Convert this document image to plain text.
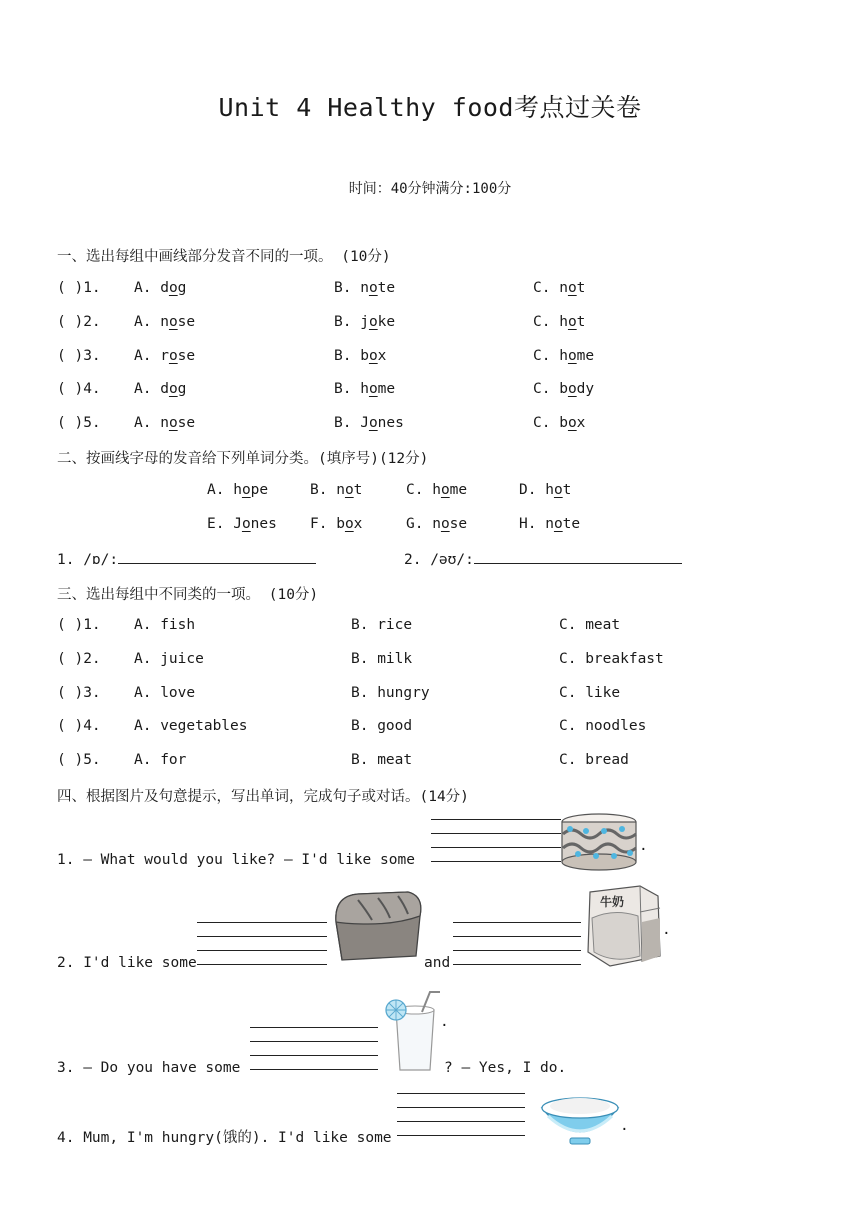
Unit 4 Healthy food考点过关卷
时间：40分钟满分:100分
一、选出每组中画线部分发音不同的一项。 (10分)
( )1. A. dog	B. note	C. not
( )2. A. nose	B. joke	C. hot
( )3. A. rose	B. box	C. home
( )4. A. dog	B. home	C. body
( )5. A. nose	B. Jones	C. box
二、按画线字母的发音给下列单词分类。(填序号)(12分)
A. hope	B. not	C. home	D. hot
E. Jones F. box	G. nose	H. note
1. /ɒ/:	2. /əʊ/:
三、选出每组中不同类的一项。 (10分)
( )1. A. fish	B. rice	C. meat
( )2. A. juice	B. milk	C. breakfast
( )3. A. love	B. hungry	C. like
( )4. A. vegetables	B. good	C. noodles
( )5. A. for	B. meat	C. bread
四、根据图片及句意提示，写出单词，完成句子或对话。(14分)
1. — What would you like? — I'd like some
.
2. I'd like some	and
牛奶
.
3. — Do you have some	? — Yes, I do.
.
4. Mum, I'm hungry(饿的). I'd like some
.
